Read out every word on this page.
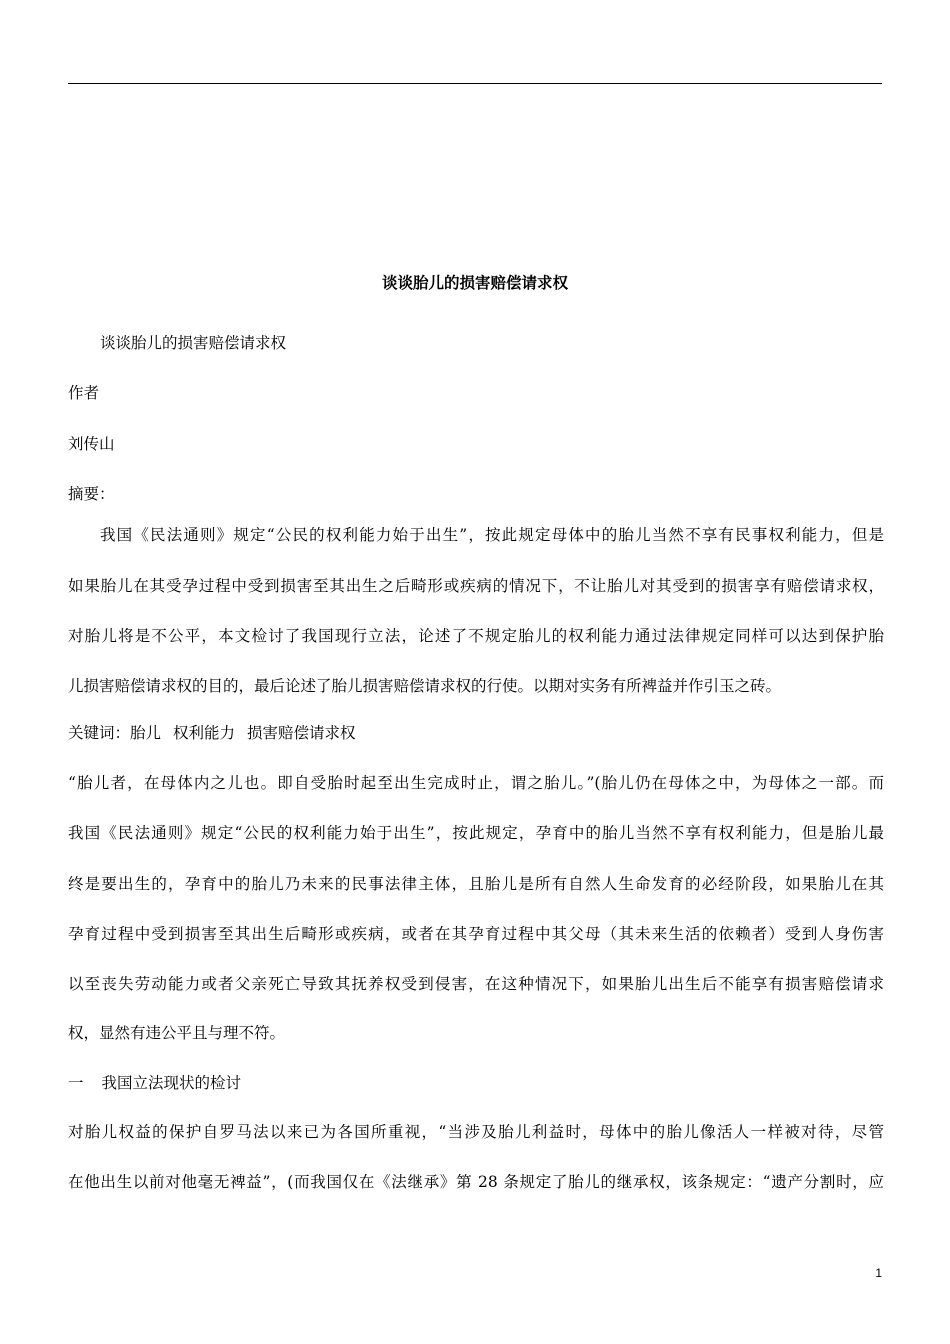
谈谈胎儿的损害赔偿请求权
谈谈胎儿的损害赔偿请求权
作者
刘传山
摘要：
我国《民法通则》规定“公民的权利能力始于出生”，按此规定母体中的胎儿当然不享有民事权利能力，但是
如果胎儿在其受孕过程中受到损害至其出生之后畸形或疾病的情况下，不让胎儿对其受到的损害享有赔偿请求权，
对胎儿将是不公平，本文检讨了我国现行立法，论述了不规定胎儿的权利能力通过法律规定同样可以达到保护胎
儿损害赔偿请求权的目的，最后论述了胎儿损害赔偿请求权的行使。以期对实务有所裨益并作引玉之砖。
关键词：胎儿 权利能力 损害赔偿请求权
“胎儿者，在母体内之儿也。即自受胎时起至出生完成时止，谓之胎儿。”(胎儿仍在母体之中，为母体之一部。而
我国《民法通则》规定“公民的权利能力始于出生”，按此规定，孕育中的胎儿当然不享有权利能力，但是胎儿最
终是要出生的，孕育中的胎儿乃未来的民事法律主体，且胎儿是所有自然人生命发育的必经阶段，如果胎儿在其
孕育过程中受到损害至其出生后畸形或疾病，或者在其孕育过程中其父母（其未来生活的依赖者）受到人身伤害
以至丧失劳动能力或者父亲死亡导致其抚养权受到侵害，在这种情况下，如果胎儿出生后不能享有损害赔偿请求
权，显然有违公平且与理不符。
一 我国立法现状的检讨
对胎儿权益的保护自罗马法以来已为各国所重视，“当涉及胎儿利益时，母体中的胎儿像活人一样被对待，尽管
在他出生以前对他毫无裨益”，(而我国仅在《法继承》第 28 条规定了胎儿的继承权，该条规定：“遗产分割时，应
1
